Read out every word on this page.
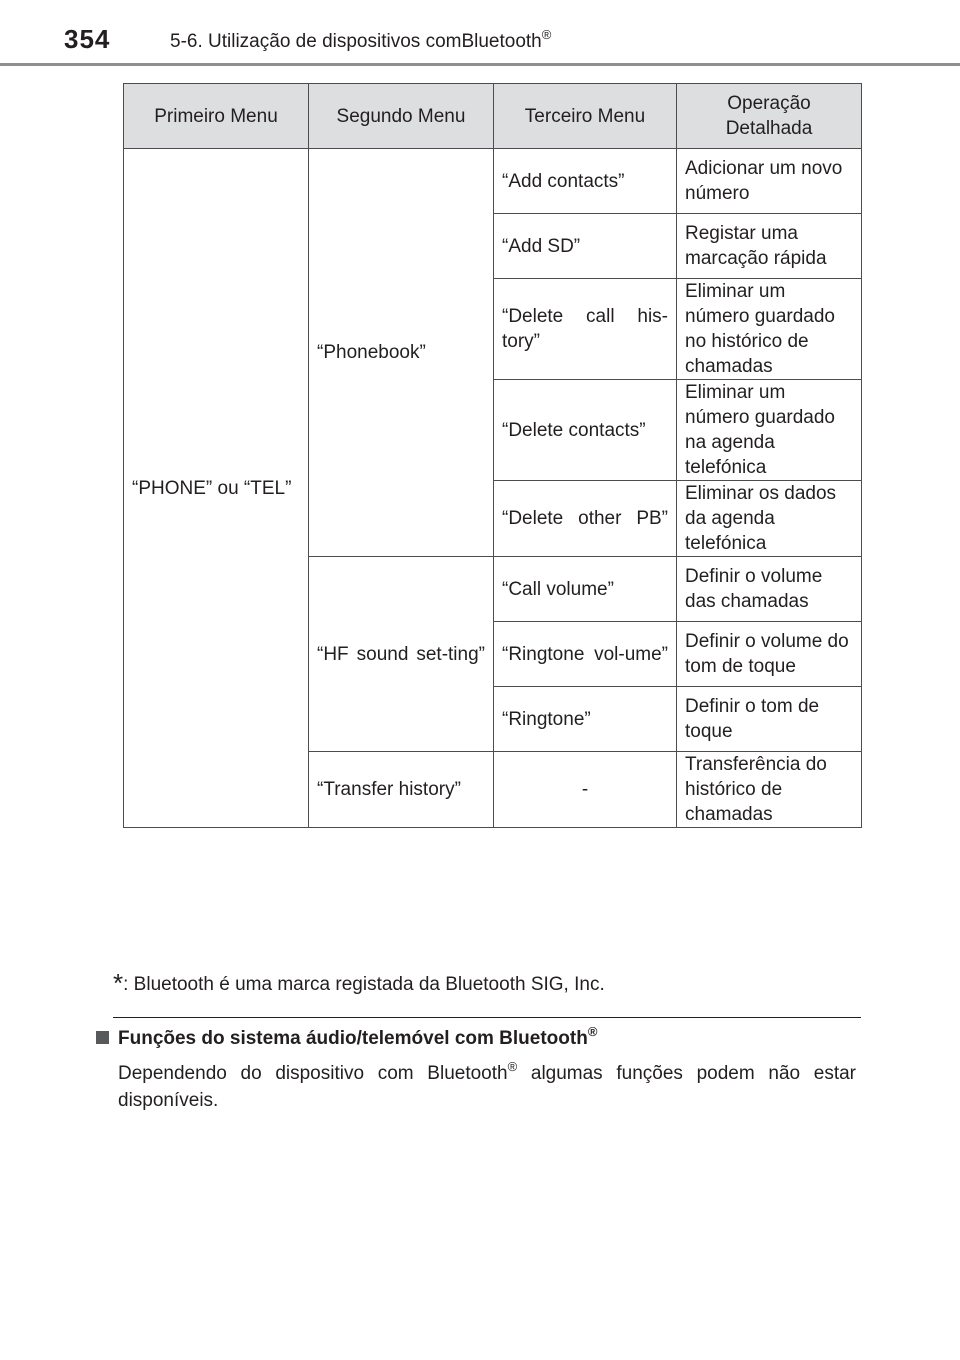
354	5-6. Utilização de dispositivos comBluetooth®
Primeiro Menu	Segundo Menu	Terceiro Menu	Operação Detalhada
“PHONE” ou “TEL”	“Phonebook”	“Add contacts”	Adicionar um novo número
		“Add SD”	Registar uma marcação rápida
		“Delete call his-tory”	Eliminar um número guardado no histórico de chamadas
		“Delete contacts”	Eliminar um número guardado na agenda telefónica
		“Delete other PB”	Eliminar os dados da agenda telefónica
	“HF sound set-ting”	“Call volume”	Definir o volume das chamadas
		“Ringtone vol-ume”	Definir o volume do tom de toque
		“Ringtone”	Definir o tom de toque
	“Transfer history”	-	Transferência do histórico de chamadas
*: Bluetooth é uma marca registada da Bluetooth SIG, Inc.
Funções do sistema áudio/telemóvel com Bluetooth®
Dependendo do dispositivo com Bluetooth® algumas funções podem não estar disponíveis.
